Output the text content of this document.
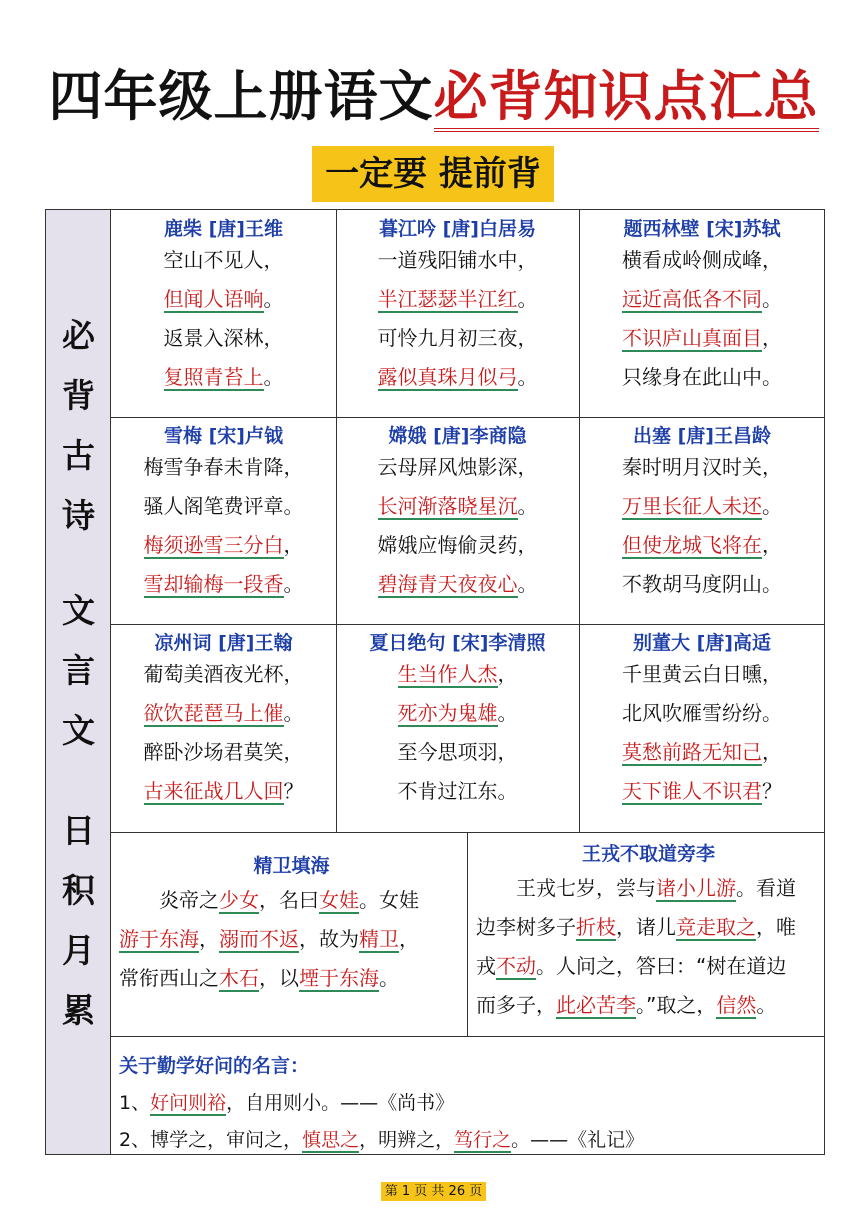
四年级上册语文必背知识点汇总
一定要 提前背
必
背
古
诗
文
言
文
日
积
月
累
鹿柴 [唐]王维
空山不见人，
但闻人语响。
返景入深林，
复照青苔上。
暮江吟 [唐]白居易
一道残阳铺水中，
半江瑟瑟半江红。
可怜九月初三夜，
露似真珠月似弓。
题西林壁 [宋]苏轼
横看成岭侧成峰，
远近高低各不同。
不识庐山真面目，
只缘身在此山中。
雪梅 [宋]卢钺
梅雪争春未肯降，
骚人阁笔费评章。
梅须逊雪三分白，
雪却输梅一段香。
嫦娥 [唐]李商隐
云母屏风烛影深，
长河渐落晓星沉。
嫦娥应悔偷灵药，
碧海青天夜夜心。
出塞 [唐]王昌龄
秦时明月汉时关，
万里长征人未还。
但使龙城飞将在，
不教胡马度阴山。
凉州词 [唐]王翰
葡萄美酒夜光杯，
欲饮琵琶马上催。
醉卧沙场君莫笑，
古来征战几人回？
夏日绝句 [宋]李清照
生当作人杰，
死亦为鬼雄。
至今思项羽，
不肯过江东。
别董大 [唐]高适
千里黄云白日曛，
北风吹雁雪纷纷。
莫愁前路无知己，
天下谁人不识君？
精卫填海
　　炎帝之少女，名曰女娃。女娃
游于东海，溺而不返，故为精卫，
常衔西山之木石，以堙于东海。
王戎不取道旁李
　　王戎七岁，尝与诸小儿游。看道
边李树多子折枝，诸儿竞走取之，唯
戎不动。人问之，答曰：“树在道边
而多子，此必苦李。”取之，信然。
关于勤学好问的名言：
1、好问则裕，自用则小。——《尚书》
2、博学之，审问之，慎思之，明辨之，笃行之。——《礼记》
第 1 页 共 26 页
